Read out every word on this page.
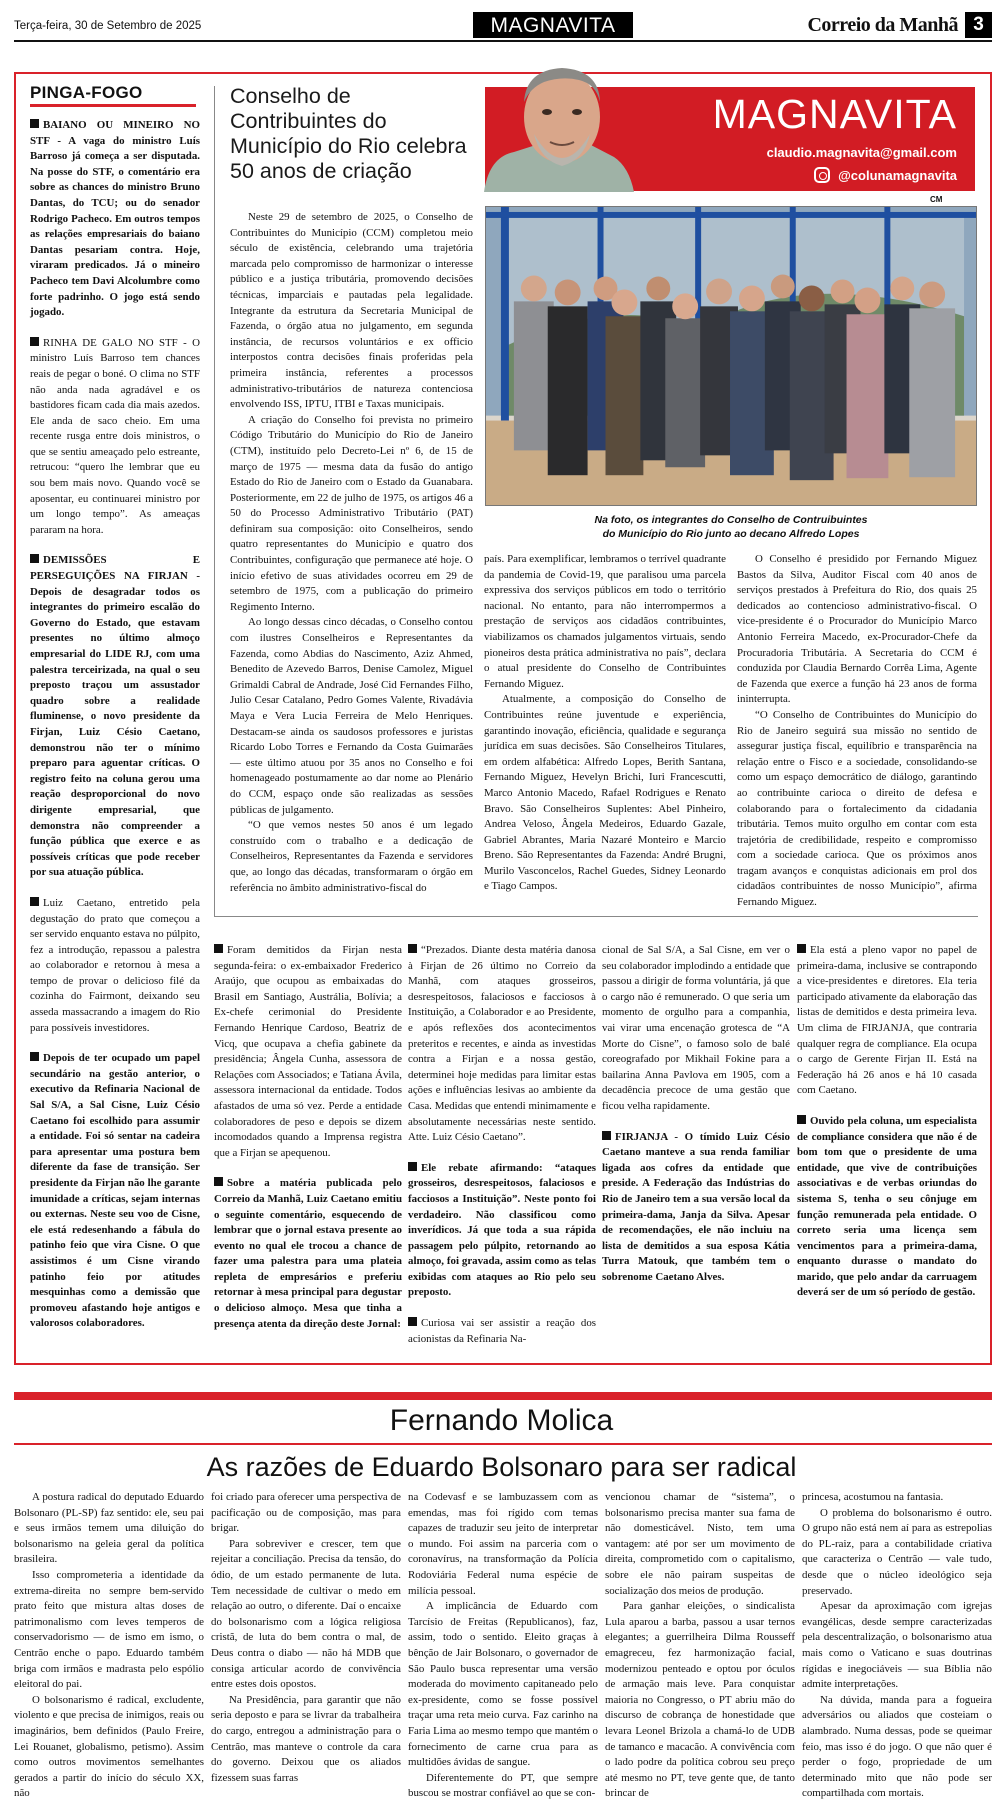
Terça-feira, 30 de Setembro de 2025	MAGNAVITA	Correio da Manhã 3
PINGA-FOGO

BAIANO OU MINEIRO NO STF - A vaga do ministro Luís Barroso já começa a ser disputada. Na posse do STF, o comentário era sobre as chances do ministro Bruno Dantas, do TCU; ou do senador Rodrigo Pacheco. Em outros tempos as relações empresariais do baiano Dantas pesariam contra. Hoje, viraram predicados. Já o mineiro Pacheco tem Davi Alcolumbre como forte padrinho. O jogo está sendo jogado.

RINHA DE GALO NO STF - O ministro Luís Barroso tem chances reais de pegar o boné. O clima no STF não anda nada agradável e os bastidores ficam cada dia mais azedos. Ele anda de saco cheio. Em uma recente rusga entre dois ministros, o que se sentiu ameaçado pelo estreante, retrucou: “quero lhe lembrar que eu sou bem mais novo. Quando você se aposentar, eu continuarei ministro por um longo tempo”. As ameaças pararam na hora.

DEMISSÕES E PERSEGUIÇÕES NA FIRJAN - Depois de desagradar todos os integrantes do primeiro escalão do Governo do Estado, que estavam presentes no último almoço empresarial do LIDE RJ, com uma palestra terceirizada, na qual o seu preposto traçou um assustador quadro sobre a realidade fluminense, o novo presidente da Firjan, Luiz Césio Caetano, demonstrou não ter o mínimo preparo para aguentar críticas. O registro feito na coluna gerou uma reação desproporcional do novo dirigente empresarial, que demonstra não compreender a função pública que exerce e as possíveis críticas que pode receber por sua atuação pública.

Luiz Caetano, entretido pela degustação do prato que começou a ser servido enquanto estava no púlpito, fez a introdução, repassou a palestra ao colaborador e retornou à mesa a tempo de provar o delicioso filé da cozinha do Fairmont, deixando seu asseda massacrando a imagem do Rio para possíveis investidores.

Depois de ter ocupado um papel secundário na gestão anterior, o executivo da Refinaria Nacional de Sal S/A, a Sal Cisne, Luiz Césio Caetano foi escolhido para assumir a entidade. Foi só sentar na cadeira para apresentar uma postura bem diferente da fase de transição. Ser presidente da Firjan não lhe garante imunidade a críticas, sejam internas ou externas. Neste seu voo de Cisne, ele está redesenhando a fábula do patinho feio que vira Cisne. O que assistimos é um Cisne virando patinho feio por atitudes mesquinhas como a demissão que promoveu afastando hoje antigos e valorosos colaboradores.

Conselho de Contribuintes do Município do Rio celebra 50 anos de criação

Neste 29 de setembro de 2025, o Conselho de Contribuintes do Município (CCM) completou meio século de existência, celebrando uma trajetória marcada pelo compromisso de harmonizar o interesse público e a justiça tributária, promovendo decisões técnicas, imparciais e pautadas pela legalidade. Integrante da estrutura da Secretaria Municipal de Fazenda, o órgão atua no julgamento, em segunda instância, de recursos voluntários e ex officio interpostos contra decisões finais proferidas pela primeira instância, referentes a processos administrativo-tributários de natureza contenciosa envolvendo ISS, IPTU, ITBI e Taxas municipais.

A criação do Conselho foi prevista no primeiro Código Tributário do Município do Rio de Janeiro (CTM), instituído pelo Decreto-Lei nº 6, de 15 de março de 1975 — mesma data da fusão do antigo Estado do Rio de Janeiro com o Estado da Guanabara. Posteriormente, em 22 de julho de 1975, os artigos 46 a 50 do Processo Administrativo Tributário (PAT) definiram sua composição: oito Conselheiros, sendo quatro representantes do Município e quatro dos Contribuintes, configuração que permanece até hoje. O início efetivo de suas atividades ocorreu em 29 de setembro de 1975, com a publicação do primeiro Regimento Interno.

Ao longo dessas cinco décadas, o Conselho contou com ilustres Conselheiros e Representantes da Fazenda, como Abdias do Nascimento, Aziz Ahmed, Benedito de Azevedo Barros, Denise Camolez, Miguel Grimaldi Cabral de Andrade, José Cid Fernandes Filho, Julio Cesar Catalano, Pedro Gomes Valente, Rivadávia Maya e Vera Lucia Ferreira de Melo Henriques. Destacam-se ainda os saudosos professores e juristas Ricardo Lobo Torres e Fernando da Costa Guimarães — este último atuou por 35 anos no Conselho e foi homenageado postumamente ao dar nome ao Plenário do CCM, espaço onde são realizadas as sessões públicas de julgamento.

“O que vemos nestes 50 anos é um legado construído com o trabalho e a dedicação de Conselheiros, Representantes da Fazenda e servidores que, ao longo das décadas, transformaram o órgão em referência no âmbito administrativo-fiscal do

MAGNAVITA
claudio.magnavita@gmail.com
@colunamagnavita
CM
Na foto, os integrantes do Conselho de Contruibuintes
do Município do Rio junto ao decano Alfredo Lopes

país. Para exemplificar, lembramos o terrível quadrante da pandemia de Covid-19, que paralisou uma parcela expressiva dos serviços públicos em todo o território nacional. No entanto, para não interrompermos a prestação de serviços aos cidadãos contribuintes, viabilizamos os chamados julgamentos virtuais, sendo pioneiros desta prática administrativa no país”, declara o atual presidente do Conselho de Contribuintes Fernando Miguez.

Atualmente, a composição do Conselho de Contribuintes reúne juventude e experiência, garantindo inovação, eficiência, qualidade e segurança jurídica em suas decisões. São Conselheiros Titulares, em ordem alfabética: Alfredo Lopes, Berith Santana, Fernando Miguez, Hevelyn Brichi, Iuri Francescutti, Marco Antonio Macedo, Rafael Rodrigues e Renato Bravo. São Conselheiros Suplentes: Abel Pinheiro, Andrea Veloso, Ângela Medeiros, Eduardo Gazale, Gabriel Abrantes, Maria Nazaré Monteiro e Marcio Breno. São Representantes da Fazenda: André Brugni, Murilo Vasconcelos, Rachel Guedes, Sidney Leonardo e Tiago Campos.

O Conselho é presidido por Fernando Miguez Bastos da Silva, Auditor Fiscal com 40 anos de serviços prestados à Prefeitura do Rio, dos quais 25 dedicados ao contencioso administrativo-fiscal. O vice-presidente é o Procurador do Município Marco Antonio Ferreira Macedo, ex-Procurador-Chefe da Procuradoria Tributária. A Secretaria do CCM é conduzida por Claudia Bernardo Corrêa Lima, Agente de Fazenda que exerce a função há 23 anos de forma ininterrupta.

“O Conselho de Contribuintes do Município do Rio de Janeiro seguirá sua missão no sentido de assegurar justiça fiscal, equilíbrio e transparência na relação entre o Fisco e a sociedade, consolidando-se como um espaço democrático de diálogo, garantindo ao contribuinte carioca o direito de defesa e colaborando para o fortalecimento da cidadania tributária. Temos muito orgulho em contar com esta trajetória de credibilidade, respeito e compromisso com a sociedade carioca. Que os próximos anos tragam avanços e conquistas adicionais em prol dos cidadãos contribuintes de nosso Município”, afirma Fernando Miguez.

Foram demitidos da Firjan nesta segunda-feira: o ex-embaixador Frederico Araújo, que ocupou as embaixadas do Brasil em Santiago, Austrália, Bolívia; a Ex-chefe cerimonial do Presidente Fernando Henrique Cardoso, Beatriz de Vicq, que ocupava a chefia gabinete da presidência; Ângela Cunha, assessora de Relações com Associados; e Tatiana Ávila, assessora internacional da entidade. Todos afastados de uma só vez. Perde a entidade colaboradores de peso e depois se dizem incomodados quando a Imprensa registra que a Firjan se apequenou.

Sobre a matéria publicada pelo Correio da Manhã, Luiz Caetano emitiu o seguinte comentário, esquecendo de lembrar que o jornal estava presente ao evento no qual ele trocou a chance de fazer uma palestra para uma plateia repleta de empresários e preferiu retornar à mesa principal para degustar o delicioso almoço. Mesa que tinha a presença atenta da direção deste Jornal:

“Prezados. Diante desta matéria danosa à Firjan de 26 último no Correio da Manhã, com ataques grosseiros, desrespeitosos, falaciosos e facciosos à Instituição, a Colaborador e ao Presidente, e após reflexões dos acontecimentos preteritos e recentes, e ainda as investidas contra a Firjan e a nossa gestão, determinei hoje medidas para limitar estas ações e influências lesivas ao ambiente da Casa. Medidas que entendi minimamente e absolutamente necessárias neste sentido. Atte. Luiz Césio Caetano”.

Ele rebate afirmando: “ataques grosseiros, desrespeitosos, falaciosos e facciosos a Instituição”. Neste ponto foi verdadeiro. Não classificou como inverídicos. Já que toda a sua rápida passagem pelo púlpito, retornando ao almoço, foi gravada, assim como as telas exibidas com ataques ao Rio pelo seu preposto.

Curiosa vai ser assistir a reação dos acionistas da Refinaria Na-

cional de Sal S/A, a Sal Cisne, em ver o seu colaborador implodindo a entidade que passou a dirigir de forma voluntária, já que o cargo não é remunerado. O que seria um momento de orgulho para a companhia, vai virar uma encenação grotesca de “A Morte do Cisne”, o famoso solo de balé coreografado por Mikhail Fokine para a bailarina Anna Pavlova em 1905, com a decadência precoce de uma gestão que ficou velha rapidamente.

FIRJANJA - O tímido Luiz Césio Caetano manteve a sua renda familiar ligada aos cofres da entidade que preside. A Federação das Indústrias do Rio de Janeiro tem a sua versão local da primeira-dama, Janja da Silva. Apesar de recomendações, ele não incluiu na lista de demitidos a sua esposa Kátia Turra Matouk, que também tem o sobrenome Caetano Alves.

Ela está a pleno vapor no papel de primeira-dama, inclusive se contrapondo a vice-presidentes e diretores. Ela teria participado ativamente da elaboração das listas de demitidos e desta primeira leva. Um clima de FIRJANJA, que contraria qualquer regra de compliance. Ela ocupa o cargo de Gerente Firjan II. Está na Federação há 26 anos e há 10 casada com Caetano.

Ouvido pela coluna, um especialista de compliance considera que não é de bom tom que o presidente de uma entidade, que vive de contribuições associativas e de verbas oriundas do sistema S, tenha o seu cônjuge em função remunerada pela entidade. O correto seria uma licença sem vencimentos para a primeira-dama, enquanto durasse o mandato do marido, que pelo andar da carruagem deverá ser de um só período de gestão.

Fernando Molica
As razões de Eduardo Bolsonaro para ser radical

A postura radical do deputado Eduardo Bolsonaro (PL-SP) faz sentido: ele, seu pai e seus irmãos temem uma diluição do bolsonarismo na geleia geral da política brasileira.

Isso comprometeria a identidade da extrema-direita no sempre bem-servido prato feito que mistura altas doses de patrimonalismo com leves temperos de conservadorismo — de ismo em ismo, o Centrão enche o papo. Eduardo também briga com irmãos e madrasta pelo espólio eleitoral do pai.

O bolsonarismo é radical, excludente, violento e que precisa de inimigos, reais ou imaginários, bem definidos (Paulo Freire, Lei Rouanet, globalismo, petismo). Assim como outros movimentos semelhantes gerados a partir do início do século XX, não

foi criado para oferecer uma perspectiva de pacificação ou de composição, mas para brigar.

Para sobreviver e crescer, tem que rejeitar a conciliação. Precisa da tensão, do ódio, de um estado permanente de luta. Tem necessidade de cultivar o medo em relação ao outro, o diferente. Daí o encaixe do bolsonarismo com a lógica religiosa cristã, de luta do bem contra o mal, de Deus contra o diabo — não há MDB que consiga articular acordo de convivência entre estes dois opostos.

Na Presidência, para garantir que não seria deposto e para se livrar da trabalheira do cargo, entregou a administração para o Centrão, mas manteve o controle da cara do governo. Deixou que os aliados fizessem suas farras

na Codevasf e se lambuzassem com as emendas, mas foi rígido com temas capazes de traduzir seu jeito de interpretar o mundo. Foi assim na parceria com o coronavírus, na transformação da Polícia Rodoviária Federal numa espécie de milícia pessoal.

A implicância de Eduardo com Tarcísio de Freitas (Republicanos), faz, assim, todo o sentido. Eleito graças à bênção de Jair Bolsonaro, o governador de São Paulo busca representar uma versão moderada do movimento capitaneado pelo ex-presidente, como se fosse possível traçar uma reta meio curva. Faz carinho na Faria Lima ao mesmo tempo que mantém o fornecimento de carne crua para as multidões ávidas de sangue.

Diferentemente do PT, que sempre buscou se mostrar confiável ao que se con-

vencionou chamar de “sistema”, o bolsonarismo precisa manter sua fama de não domesticável. Nisto, tem uma vantagem: até por ser um movimento de direita, comprometido com o capitalismo, sobre ele não pairam suspeitas de socialização dos meios de produção.

Para ganhar eleições, o sindicalista Lula aparou a barba, passou a usar ternos elegantes; a guerrilheira Dilma Rousseff emagreceu, fez harmonização facial, modernizou penteado e optou por óculos de armação mais leve. Para conquistar maioria no Congresso, o PT abriu mão do discurso de cobrança de honestidade que levara Leonel Brizola a chamá-lo de UDB de tamanco e macacão. A convivência com o lado podre da política cobrou seu preço até mesmo no PT, teve gente que, de tanto brincar de

princesa, acostumou na fantasia.

O problema do bolsonarismo é outro. O grupo não está nem aí para as estrepolias do PL-raiz, para a contabilidade criativa que caracteriza o Centrão — vale tudo, desde que o núcleo ideológico seja preservado.

Apesar da aproximação com igrejas evangélicas, desde sempre caracterizadas pela descentralização, o bolsonarismo atua mais como o Vaticano e suas doutrinas rígidas e inegociáveis — sua Bíblia não admite interpretações.

Na dúvida, manda para a fogueira adversários ou aliados que costeiam o alambrado. Numa dessas, pode se queimar feio, mas isso é do jogo. O que não quer é perder o fogo, propriedade de um determinado mito que não pode ser compartilhada com mortais.
